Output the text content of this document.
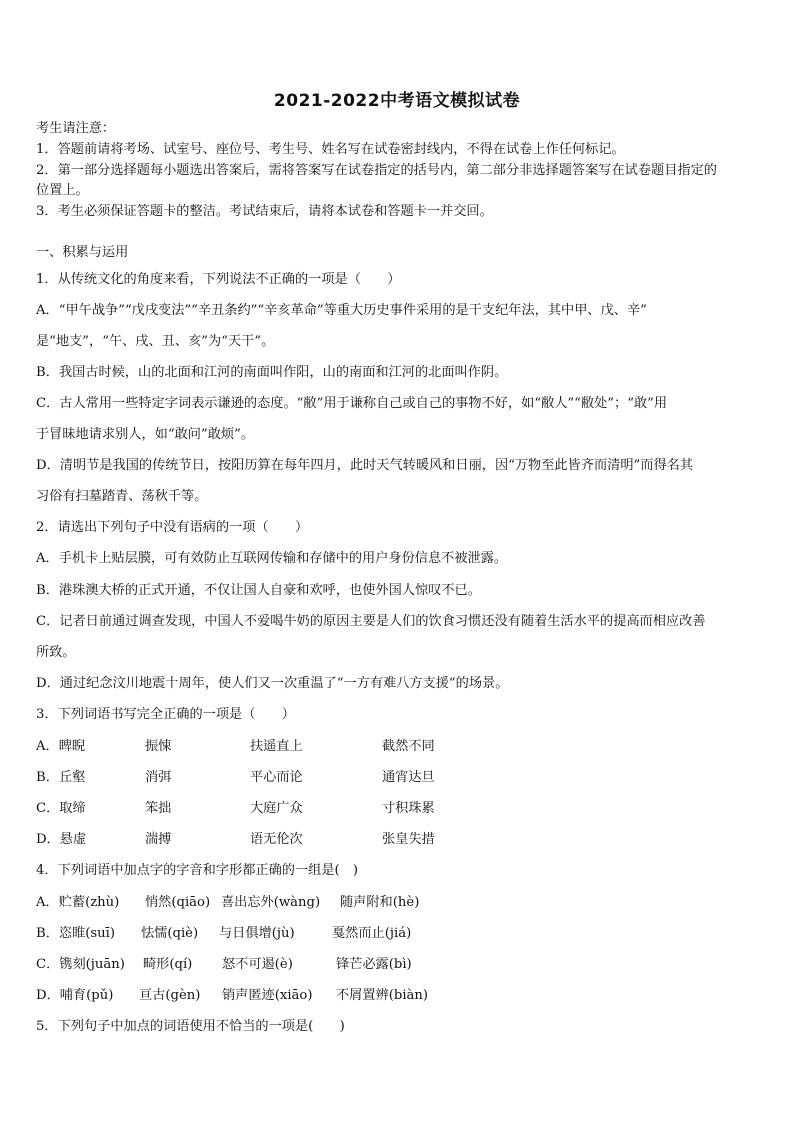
2021-2022中考语文模拟试卷
考生请注意：
1．答题前请将考场、试室号、座位号、考生号、姓名写在试卷密封线内，不得在试卷上作任何标记。
2．第一部分选择题每小题选出答案后，需将答案写在试卷指定的括号内，第二部分非选择题答案写在试卷题目指定的
位置上。
3．考生必须保证答题卡的整洁。考试结束后，请将本试卷和答题卡一并交回。
一、积累与运用
1．从传统文化的角度来看，下列说法不正确的一项是（　　）
A．“甲午战争”“戊戌变法”“辛丑条约”“辛亥革命”等重大历史事件采用的是干支纪年法，其中甲、戊、辛”
是“地支”，“午、戌、丑、亥”为“天干”。
B．我国古时候，山的北面和江河的南面叫作阳，山的南面和江河的北面叫作阴。
C．古人常用一些特定字词表示谦逊的态度。“敝”用于谦称自己或自己的事物不好，如“敝人”“敝处”；“敢”用
于冒昧地请求别人，如“敢问”敢烦”。
D．清明节是我国的传统节日，按阳历算在每年四月，此时天气转暖风和日丽，因“万物至此皆齐而清明”而得名其
习俗有扫墓踏青、荡秋千等。
2．请选出下列句子中没有语病的一项（　　）
A．手机卡上贴层膜，可有效防止互联网传输和存储中的用户身份信息不被泄露。
B．港珠澳大桥的正式开通，不仅让国人自豪和欢呼，也使外国人惊叹不已。
C．记者日前通过调查发现，中国人不爱喝牛奶的原因主要是人们的饮食习惯还没有随着生活水平的提高而相应改善
所致。
D．通过纪念汶川地震十周年，使人们又一次重温了“一方有难八方支援”的场景。
3．下列词语书写完全正确的一项是（　　）
A．睥睨	振悚	扶遥直上	截然不同
B．丘壑	消弭	平心而论	通宵达旦
C．取缔	笨拙	大庭广众	寸积珠累
D．悬虚	湍搏	语无伦次	张皇失措
4．下列词语中加点字的字音和字形都正确的一组是(　)
A．贮蓄(zhù) 悄然(qiāo) 喜出忘外(wàng) 随声附和(hè)
B．恣睢(suī) 怯懦(qiè) 与日俱增(jù)	戛然而止(jiá)
C．镌刻(juān) 畸形(qí) 怒不可遏(è)	锋芒必露(bì)
D．哺育(pǔ) 亘古(gèn) 销声匿迹(xiāo) 不屑置辨(biàn)
5．下列句子中加点的词语使用不恰当的一项是(　　)
